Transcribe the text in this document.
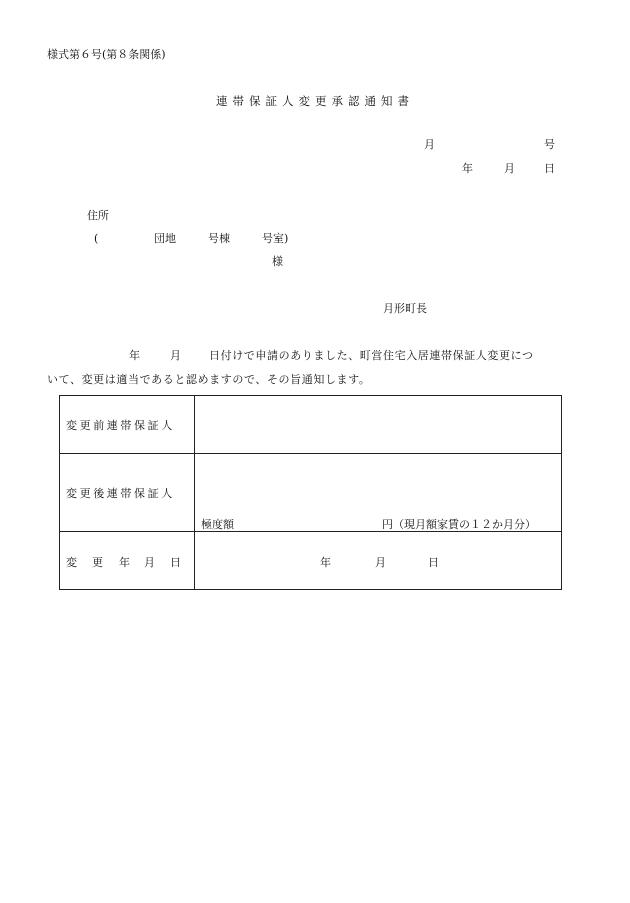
様式第６号(第８条関係)
連帯保証人変更承認通知書
月	号
年	月	日
住所
(	団地	号棟	号室)
様
月形町長
年	月	日付けで申請のありました、町営住宅入居連帯保証人変更につ
いて、変更は適当であると認めますので、その旨通知します。
変更前連帯保証人	
変更後連帯保証人	極度額 円（現月額家賃の１２か月分）

変 更 年 月 日	年 月 日
